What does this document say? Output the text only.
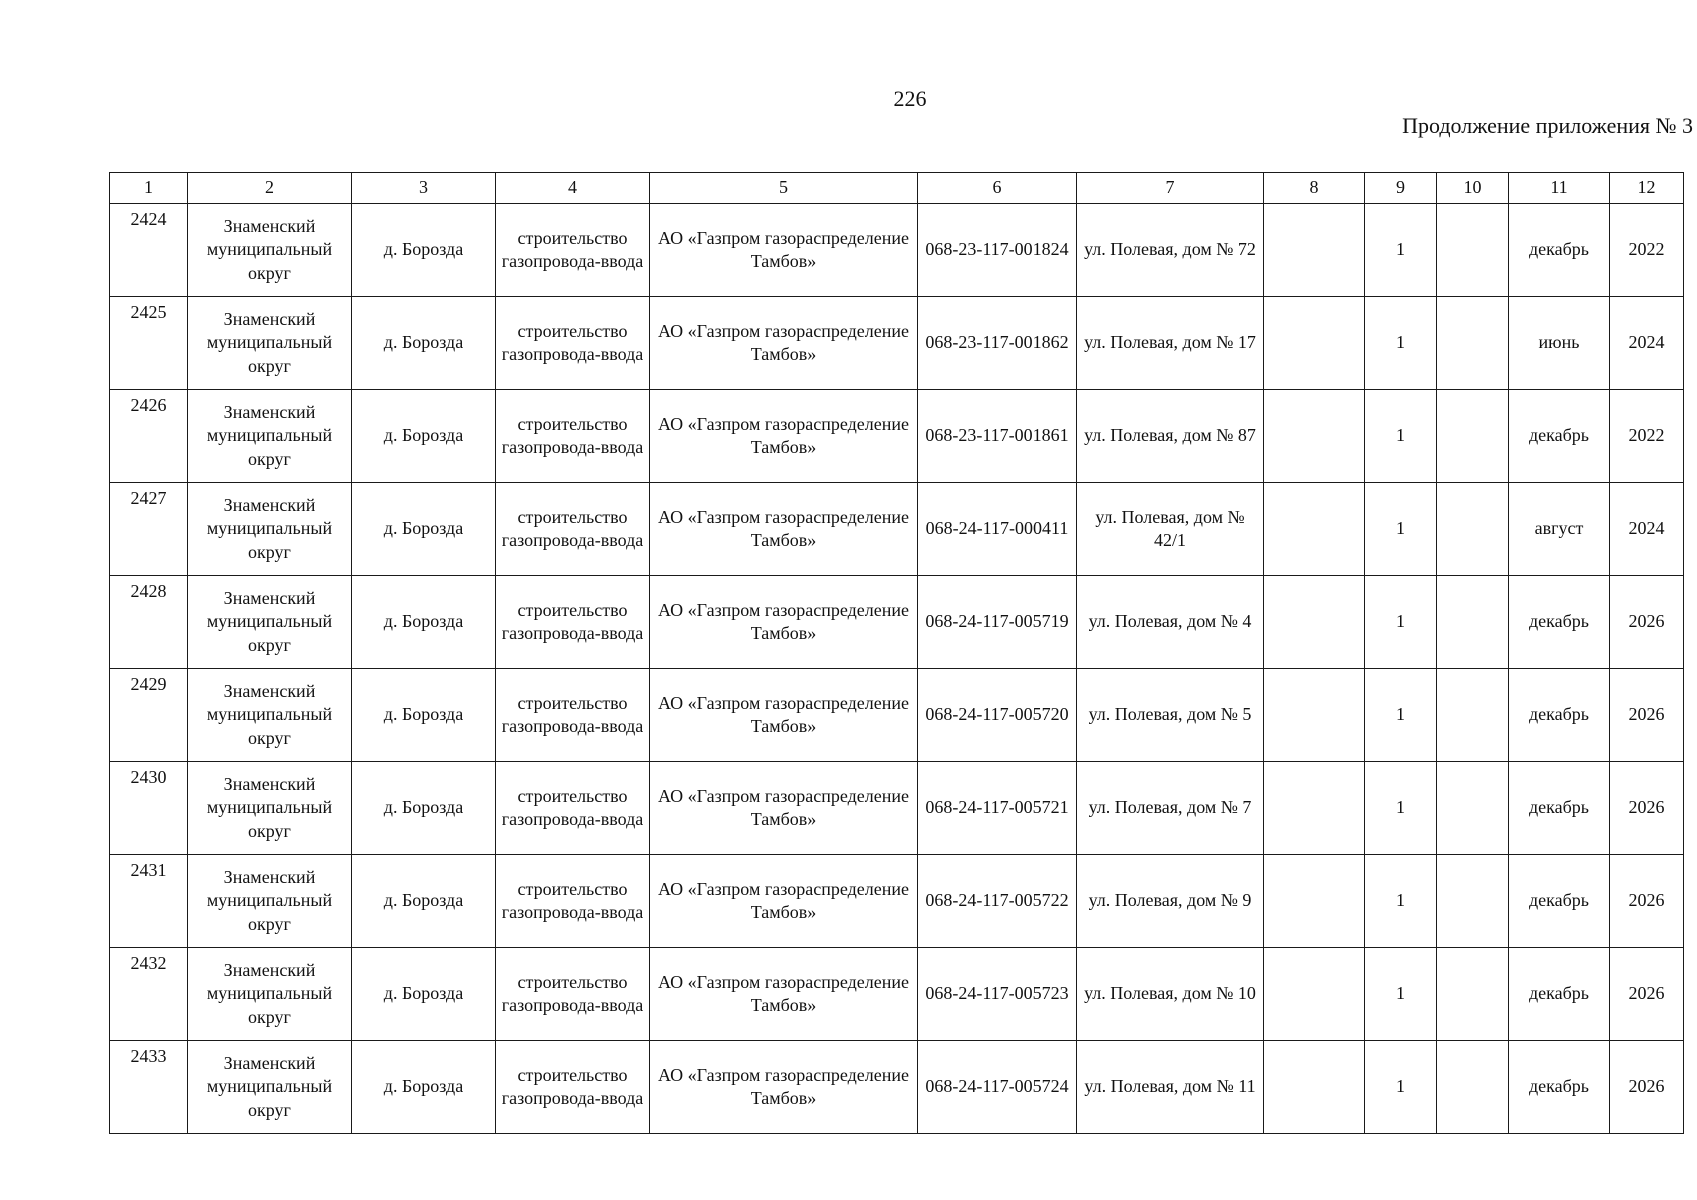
226
Продолжение приложения № 3
1	2	3	4	5	6	7	8	9	10	11	12
2424	Знаменский муниципальный округ	д. Борозда	строительство газопровода-ввода	АО «Газпром газораспределение Тамбов»	068-23-117-001824	ул. Полевая, дом № 72		1		декабрь	2022
2425	Знаменский муниципальный округ	д. Борозда	строительство газопровода-ввода	АО «Газпром газораспределение Тамбов»	068-23-117-001862	ул. Полевая, дом № 17		1		июнь	2024
2426	Знаменский муниципальный округ	д. Борозда	строительство газопровода-ввода	АО «Газпром газораспределение Тамбов»	068-23-117-001861	ул. Полевая, дом № 87		1		декабрь	2022
2427	Знаменский муниципальный округ	д. Борозда	строительство газопровода-ввода	АО «Газпром газораспределение Тамбов»	068-24-117-000411	ул. Полевая, дом № 42/1		1		август	2024
2428	Знаменский муниципальный округ	д. Борозда	строительство газопровода-ввода	АО «Газпром газораспределение Тамбов»	068-24-117-005719	ул. Полевая, дом № 4		1		декабрь	2026
2429	Знаменский муниципальный округ	д. Борозда	строительство газопровода-ввода	АО «Газпром газораспределение Тамбов»	068-24-117-005720	ул. Полевая, дом № 5		1		декабрь	2026
2430	Знаменский муниципальный округ	д. Борозда	строительство газопровода-ввода	АО «Газпром газораспределение Тамбов»	068-24-117-005721	ул. Полевая, дом № 7		1		декабрь	2026
2431	Знаменский муниципальный округ	д. Борозда	строительство газопровода-ввода	АО «Газпром газораспределение Тамбов»	068-24-117-005722	ул. Полевая, дом № 9		1		декабрь	2026
2432	Знаменский муниципальный округ	д. Борозда	строительство газопровода-ввода	АО «Газпром газораспределение Тамбов»	068-24-117-005723	ул. Полевая, дом № 10		1		декабрь	2026
2433	Знаменский муниципальный округ	д. Борозда	строительство газопровода-ввода	АО «Газпром газораспределение Тамбов»	068-24-117-005724	ул. Полевая, дом № 11		1		декабрь	2026
